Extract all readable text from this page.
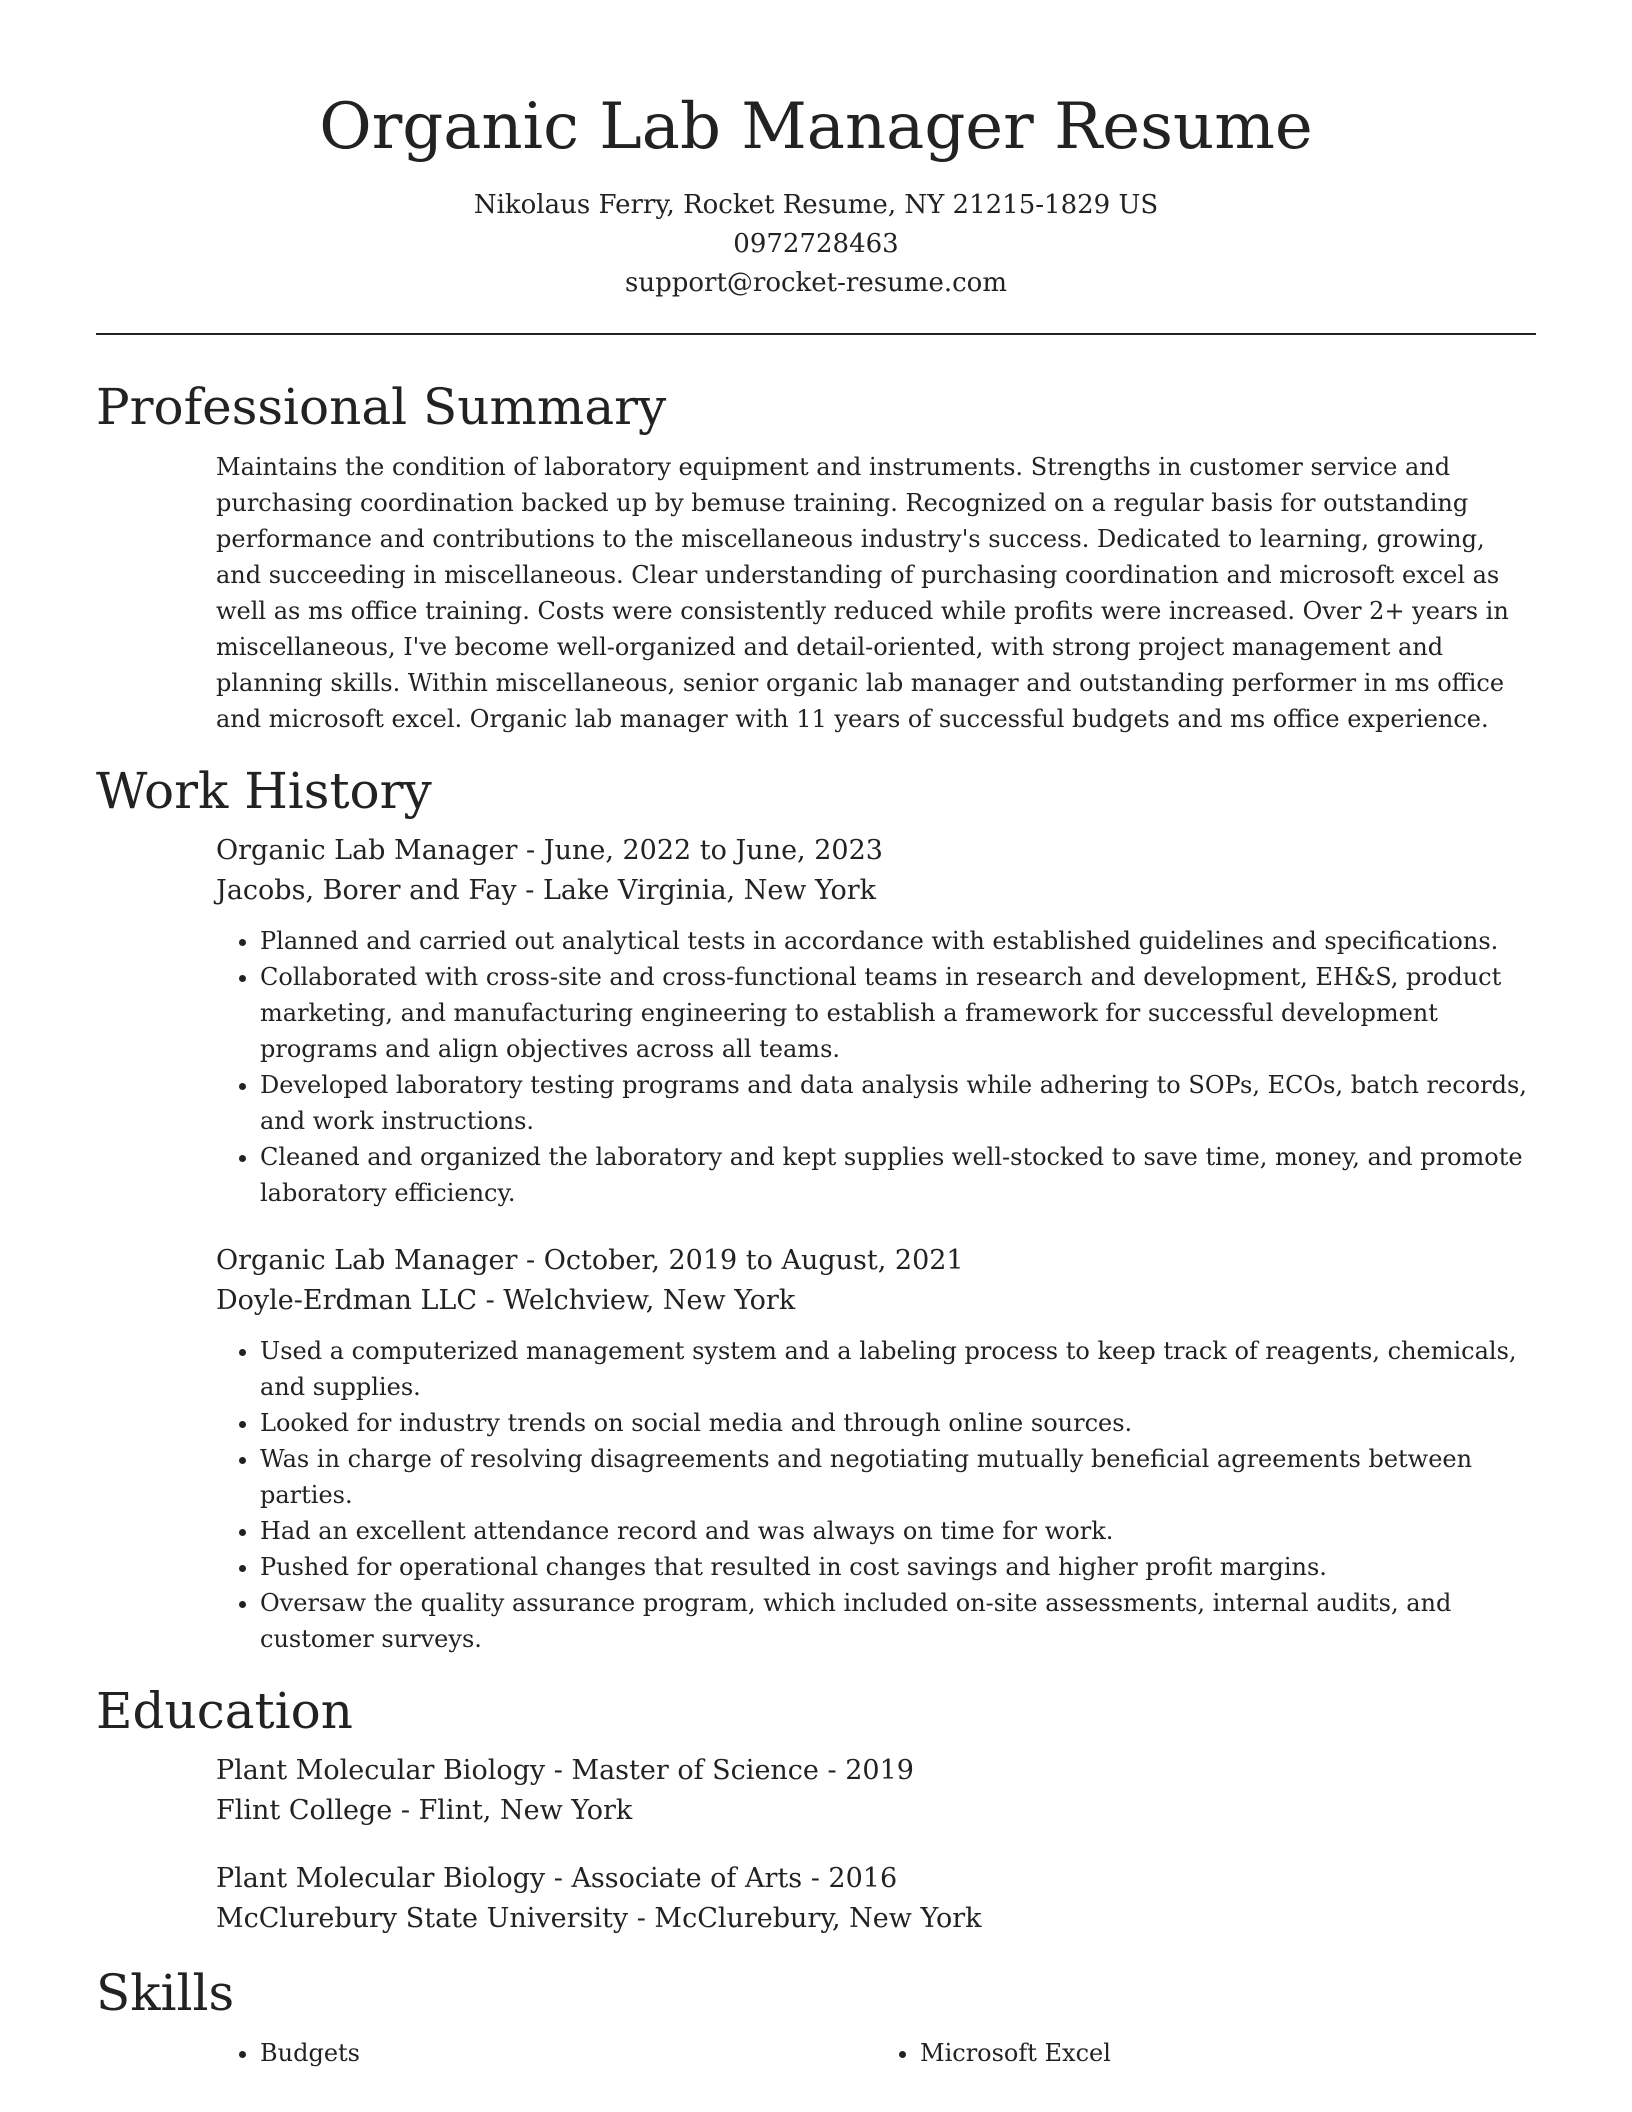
Organic Lab Manager Resume
Nikolaus Ferry, Rocket Resume, NY 21215-1829 US
0972728463
support@rocket-resume.com
Professional Summary

Maintains the condition of laboratory equipment and instruments. Strengths in customer service and purchasing coordination backed up by bemuse training. Recognized on a regular basis for outstanding performance and contributions to the miscellaneous industry's success. Dedicated to learning, growing, and succeeding in miscellaneous. Clear understanding of purchasing coordination and microsoft excel as well as ms office training. Costs were consistently reduced while profits were increased. Over 2+ years in miscellaneous, I've become well-organized and detail-oriented, with strong project management and planning skills. Within miscellaneous, senior organic lab manager and outstanding performer in ms office and microsoft excel. Organic lab manager with 11 years of successful budgets and ms office experience.

Work History
Organic Lab Manager - June, 2022 to June, 2023
Jacobs, Borer and Fay - Lake Virginia, New York
• Planned and carried out analytical tests in accordance with established guidelines and specifications.
• Collaborated with cross-site and cross-functional teams in research and development, EH&S, product marketing, and manufacturing engineering to establish a framework for successful development programs and align objectives across all teams.
• Developed laboratory testing programs and data analysis while adhering to SOPs, ECOs, batch records, and work instructions.
• Cleaned and organized the laboratory and kept supplies well-stocked to save time, money, and promote laboratory efficiency.
Organic Lab Manager - October, 2019 to August, 2021
Doyle-Erdman LLC - Welchview, New York
• Used a computerized management system and a labeling process to keep track of reagents, chemicals, and supplies.
• Looked for industry trends on social media and through online sources.
• Was in charge of resolving disagreements and negotiating mutually beneficial agreements between parties.
• Had an excellent attendance record and was always on time for work.
• Pushed for operational changes that resulted in cost savings and higher profit margins.
• Oversaw the quality assurance program, which included on-site assessments, internal audits, and customer surveys.
Education
Plant Molecular Biology - Master of Science - 2019
Flint College - Flint, New York
Plant Molecular Biology - Associate of Arts - 2016
McClurebury State University - McClurebury, New York
Skills
• Budgets
•	Microsoft Excel
